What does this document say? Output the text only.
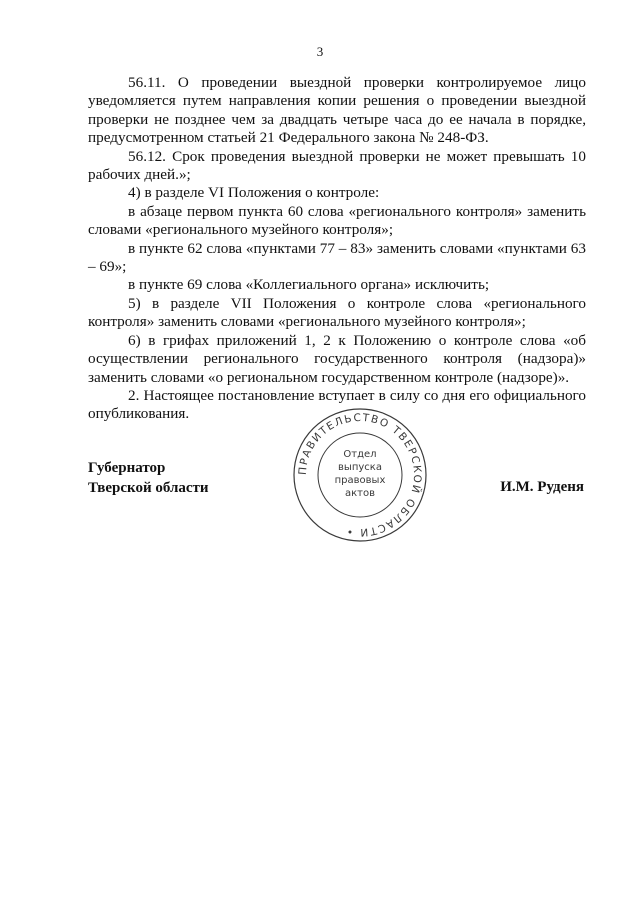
3

56.11. О проведении выездной проверки контролируемое лицо уведомляется путем направления копии решения о проведении выездной проверки не позднее чем за двадцать четыре часа до ее начала в порядке, предусмотренном статьей 21 Федерального закона № 248-ФЗ.

56.12. Срок проведения выездной проверки не может превышать 10 рабочих дней.»;

4) в разделе VI Положения о контроле:

в абзаце первом пункта 60 слова «регионального контроля» заменить словами «регионального музейного контроля»;

в пункте 62 слова «пунктами 77 – 83» заменить словами «пунктами 63 – 69»;

в пункте 69 слова «Коллегиального органа» исключить;

5) в разделе VII Положения о контроле слова «регионального контроля» заменить словами «регионального музейного контроля»;

6) в грифах приложений 1, 2 к Положению о контроле слова «об осуществлении регионального государственного контроля (надзора)» заменить словами «о региональном государственном контроле (надзоре)».

2. Настоящее постановление вступает в силу со дня его официального опубликования.

Губернатор
Тверской области	И.М. Руденя
ПРАВИТЕЛЬСТВО ТВЕРСКОЙ ОБЛАСТИ •
Отдел
выпуска
правовых
актов
